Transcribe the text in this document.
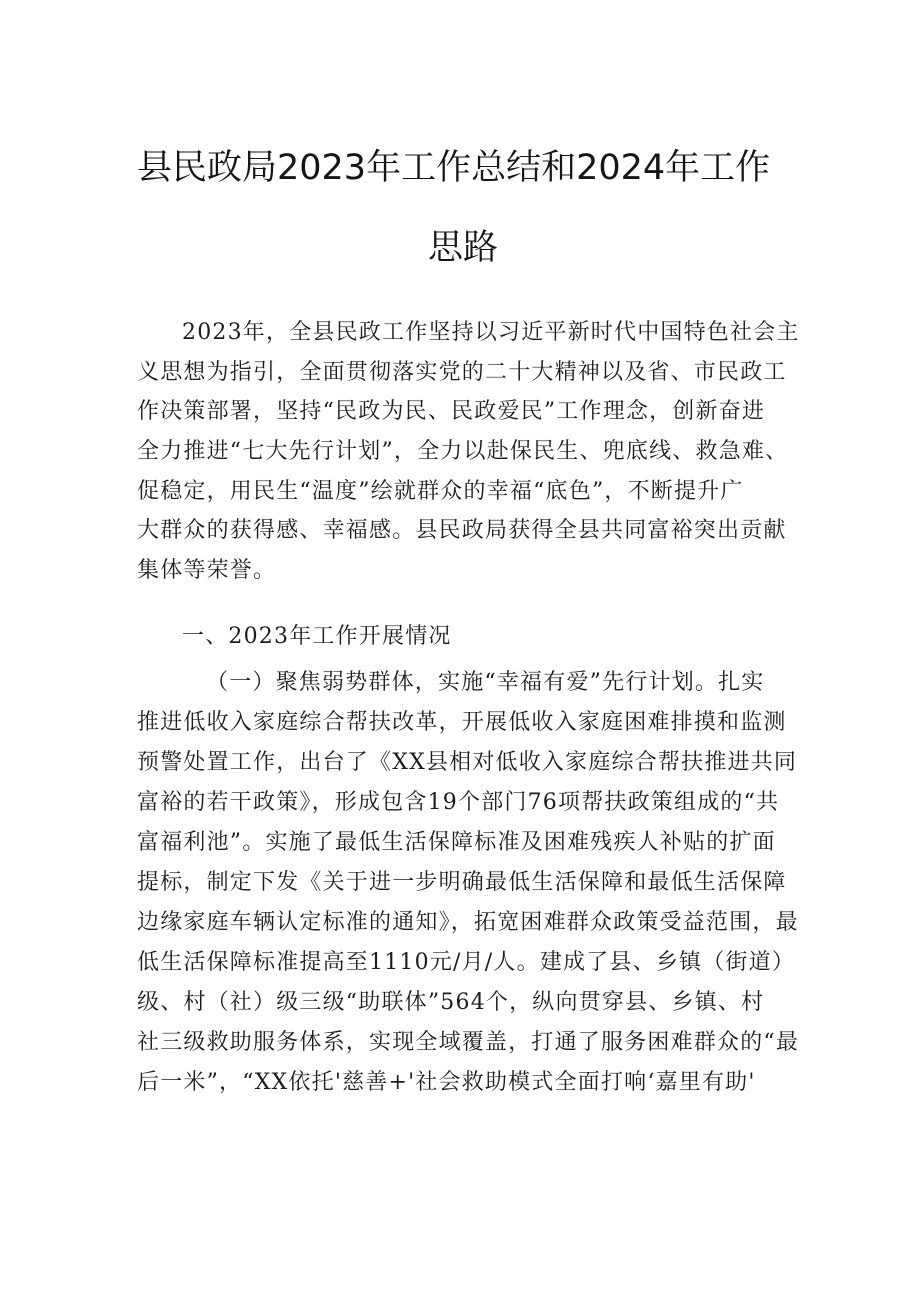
县民政局2023年工作总结和2024年工作
思路
2023年，全县民政工作坚持以习近平新时代中国特色社会主
义思想为指引，全面贯彻落实党的二十大精神以及省、市民政工
作决策部署，坚持“民政为民、民政爱民”工作理念，创新奋进
全力推进“七大先行计划”，全力以赴保民生、兜底线、救急难、
促稳定，用民生“温度”绘就群众的幸福“底色”，不断提升广
大群众的获得感、幸福感。县民政局获得全县共同富裕突出贡献
集体等荣誉。
一、2023年工作开展情况
（一）聚焦弱势群体，实施“幸福有爱”先行计划。扎实
推进低收入家庭综合帮扶改革，开展低收入家庭困难排摸和监测
预警处置工作，出台了《XX县相对低收入家庭综合帮扶推进共同
富裕的若干政策》，形成包含19个部门76项帮扶政策组成的“共
富福利池”。实施了最低生活保障标准及困难残疾人补贴的扩面
提标，制定下发《关于进一步明确最低生活保障和最低生活保障
边缘家庭车辆认定标准的通知》，拓宽困难群众政策受益范围，最
低生活保障标准提高至1110元/月/人。建成了县、乡镇（街道）
级、村（社）级三级“助联体”564个，纵向贯穿县、乡镇、村
社三级救助服务体系，实现全域覆盖，打通了服务困难群众的“最
后一米”，“XX依托'慈善+'社会救助模式全面打响‘嘉里有助'
